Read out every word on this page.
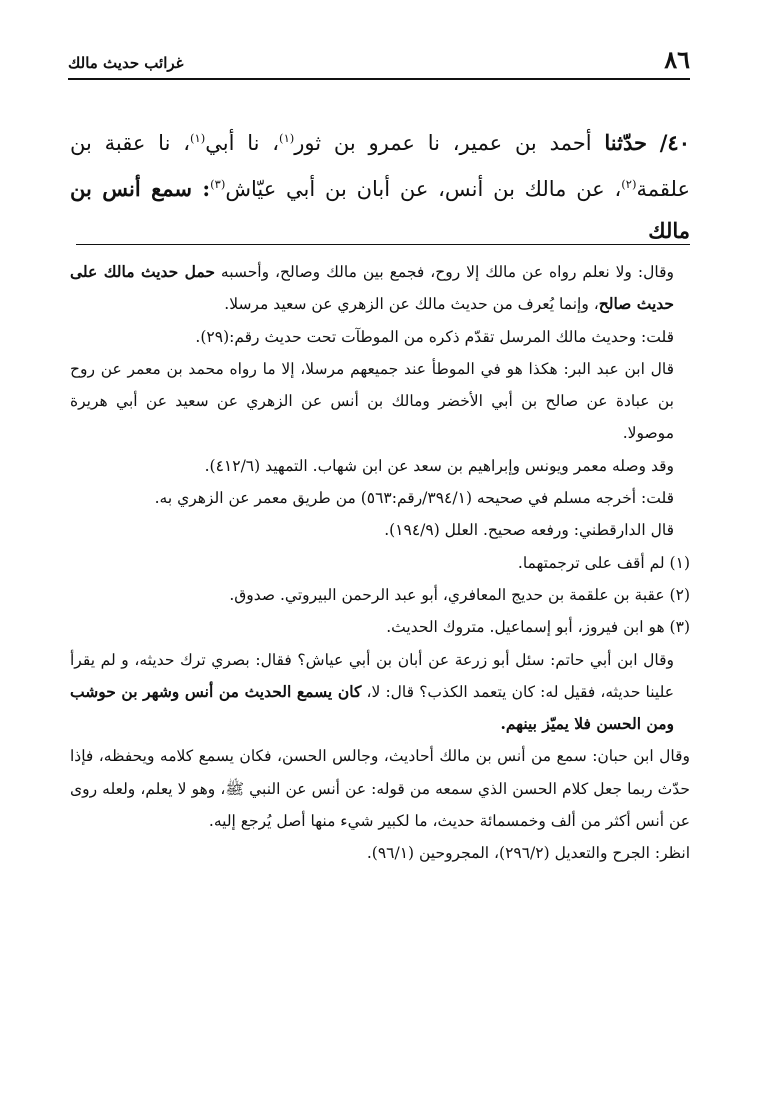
٨٦
غرائب حديث مالك
٤٠/ حدّثنا أحمد بن عمير، نا عمرو بن ثور$^{(١)}$، نا أبي$^{(١)}$، نا عقبة بن علقمة$^{(٢)}$، عن مالك بن أنس، عن أبان بن أبي عيّاش$^{(٣)}$: سمع أنس بن مالك

وقال: ولا نعلم رواه عن مالك إلا روح، فجمع بين مالك وصالح، وأحسبه حمل حديث مالك على حديث صالح، وإنما يُعرف من حديث مالك عن الزهري عن سعيد مرسلا.

قلت: وحديث مالك المرسل تقدّم ذكره من الموطآت تحت حديث رقم:(٢٩).

قال ابن عبد البر: هكذا هو في الموطأ عند جميعهم مرسلا، إلا ما رواه محمد بن معمر عن روح بن عبادة عن صالح بن أبي الأخضر ومالك بن أنس عن الزهري عن سعيد عن أبي هريرة موصولا.

وقد وصله معمر ويونس وإبراهيم بن سعد عن ابن شهاب. التمهيد (٤١٢/٦).

قلت: أخرجه مسلم في صحيحه (٣٩٤/١/رقم:٥٦٣) من طريق معمر عن الزهري به.

قال الدارقطني: ورفعه صحيح. العلل (١٩٤/٩).

(١) لم أقف على ترجمتهما.

(٢) عقبة بن علقمة بن حديج المعافري، أبو عبد الرحمن البيروتي. صدوق.

(٣) هو ابن فيروز، أبو إسماعيل. متروك الحديث.

وقال ابن أبي حاتم: سئل أبو زرعة عن أبان بن أبي عياش؟ فقال: بصري ترك حديثه، و لم يقرأ علينا حديثه، فقيل له: كان يتعمد الكذب؟ قال: لا، كان يسمع الحديث من أنس وشهر بن حوشب ومن الحسن فلا يميّز بينهم.

وقال ابن حبان: سمع من أنس بن مالك أحاديث، وجالس الحسن، فكان يسمع كلامه ويحفظه، فإذا حدّث ربما جعل كلام الحسن الذي سمعه من قوله: عن أنس عن النبي ﷺ، وهو لا يعلم، ولعله روى عن أنس أكثر من ألف وخمسمائة حديث، ما لكبير شيء منها أصل يُرجع إليه.

انظر: الجرح والتعديل (٢٩٦/٢)، المجروحين (٩٦/١).
